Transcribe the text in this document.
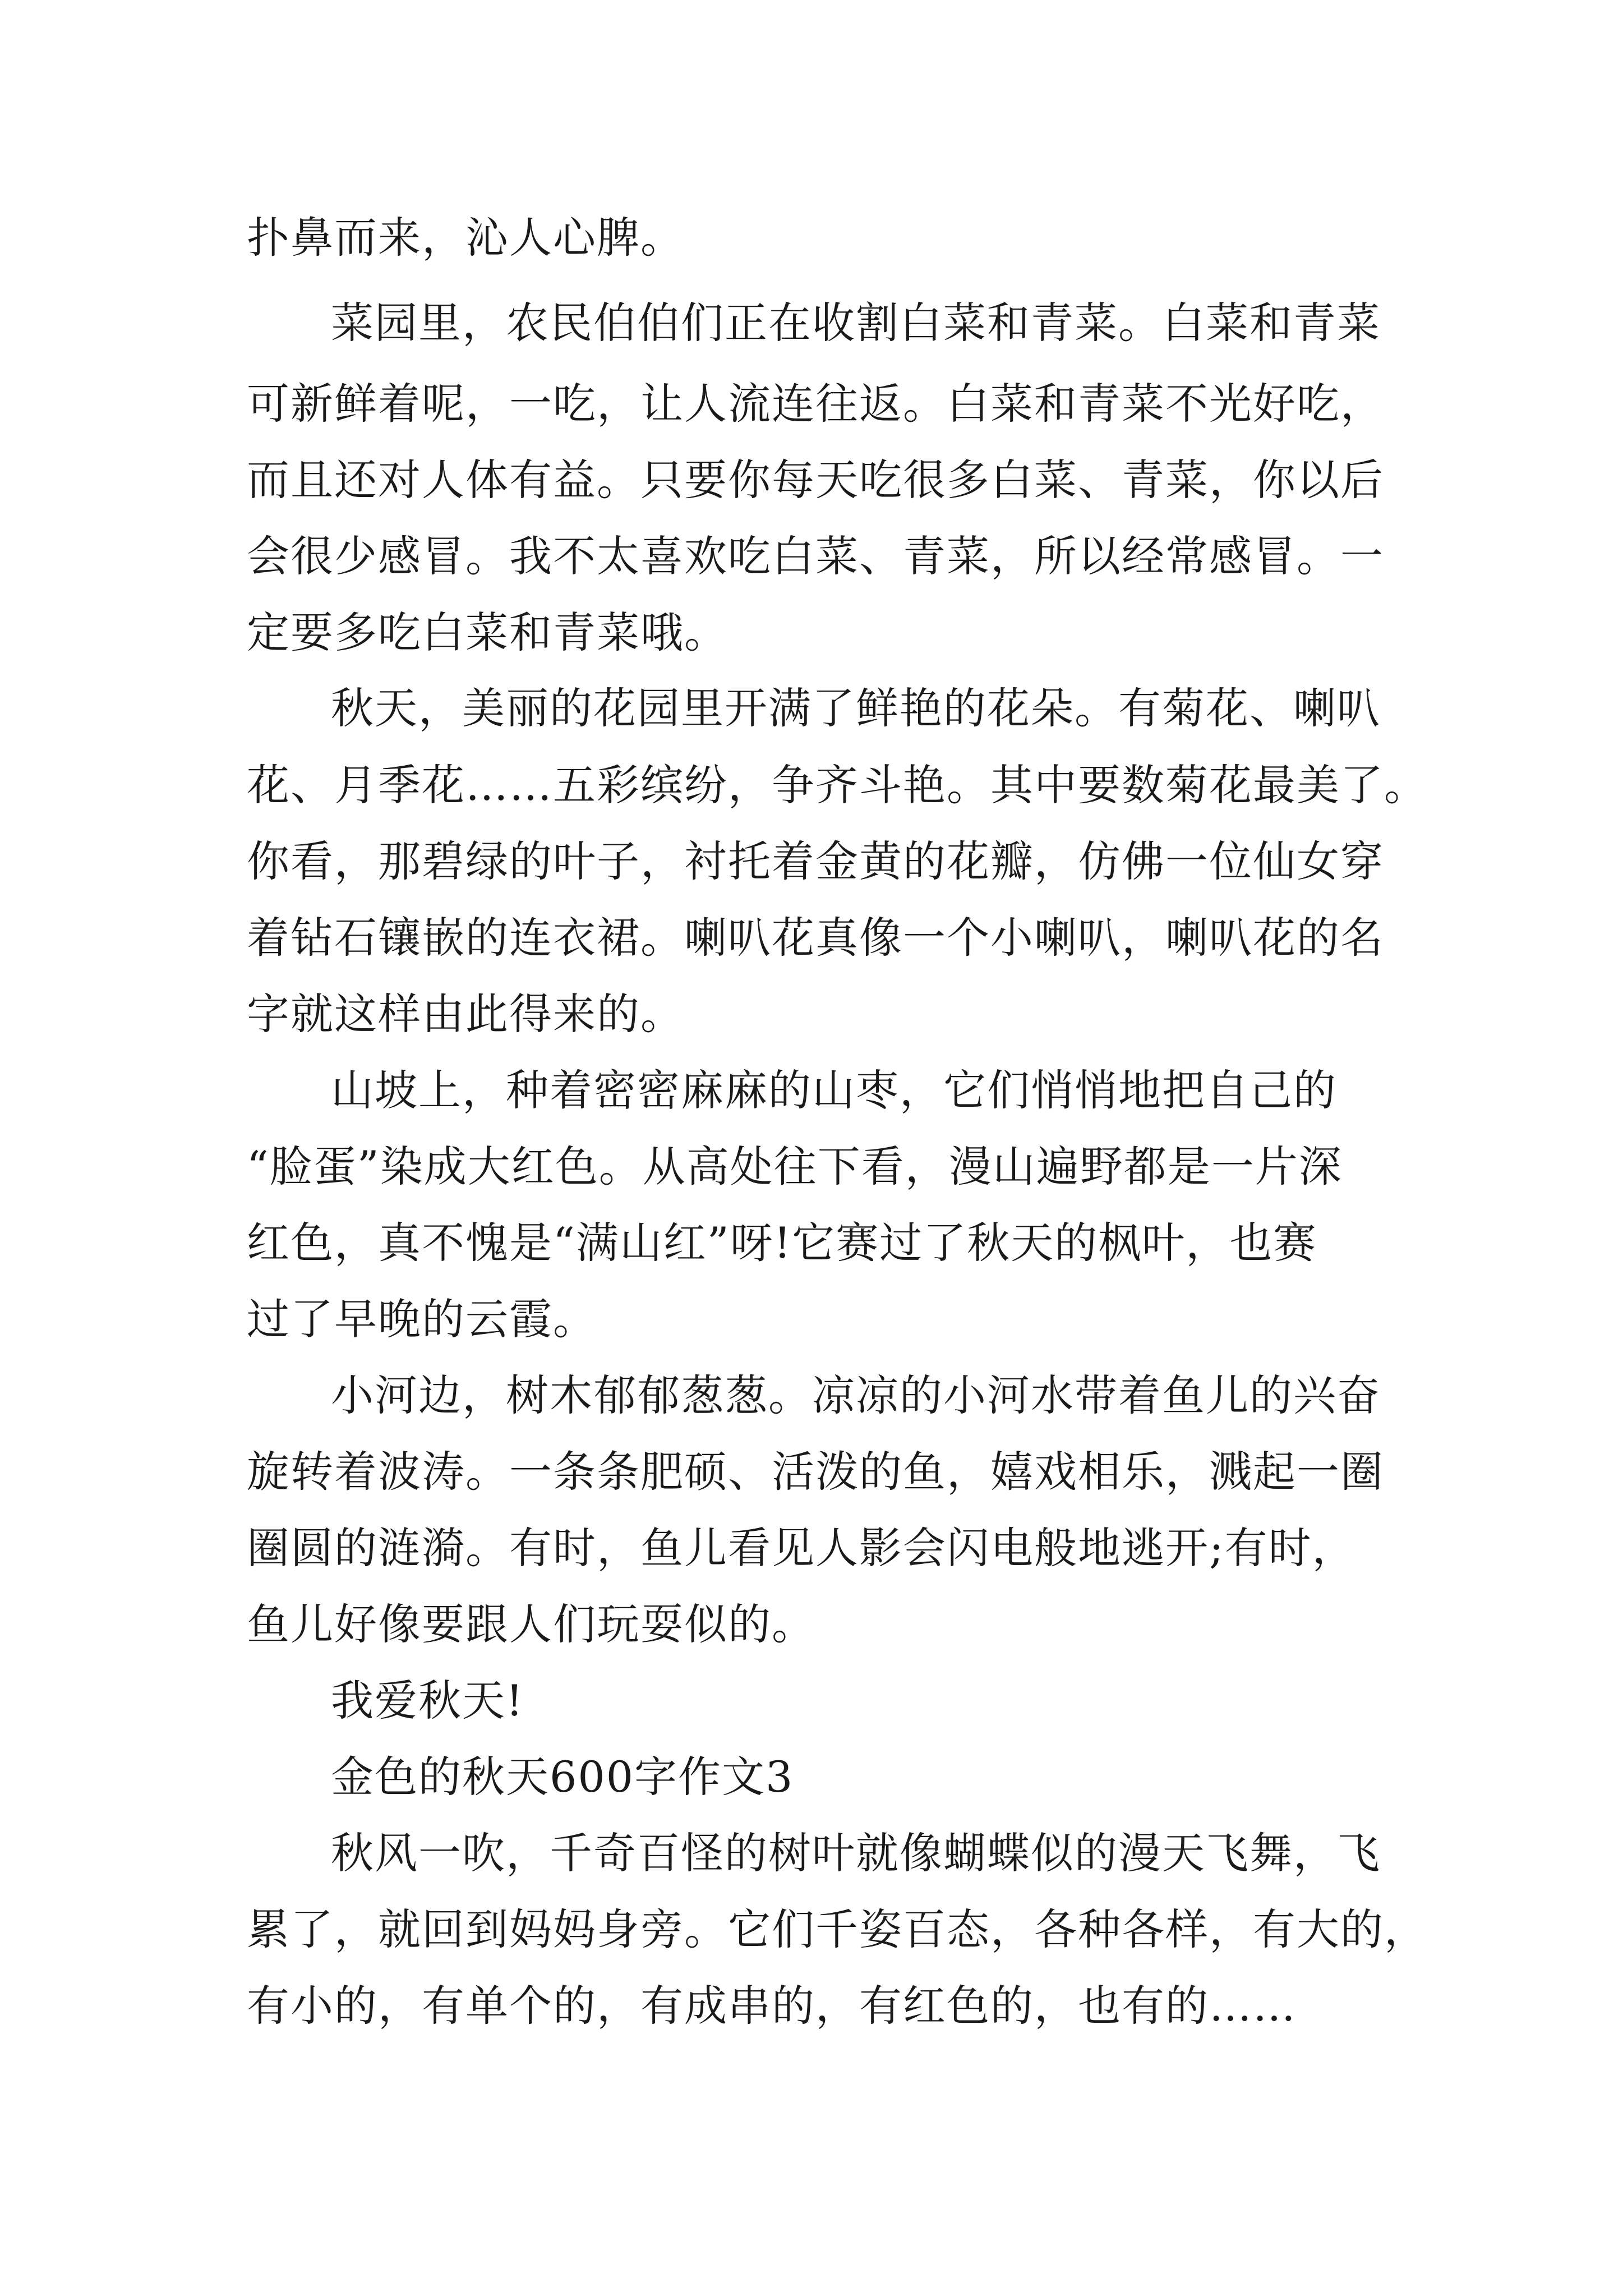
扑鼻而来，沁人心脾。
菜园里，农民伯伯们正在收割白菜和青菜。白菜和青菜
可新鲜着呢，一吃，让人流连往返。白菜和青菜不光好吃，
而且还对人体有益。只要你每天吃很多白菜、青菜，你以后
会很少感冒。我不太喜欢吃白菜、青菜，所以经常感冒。一
定要多吃白菜和青菜哦。
秋天，美丽的花园里开满了鲜艳的花朵。有菊花、喇叭
花、月季花……五彩缤纷，争齐斗艳。其中要数菊花最美了。
你看，那碧绿的叶子，衬托着金黄的花瓣，仿佛一位仙女穿
着钻石镶嵌的连衣裙。喇叭花真像一个小喇叭，喇叭花的名
字就这样由此得来的。
山坡上，种着密密麻麻的山枣，它们悄悄地把自己的
“脸蛋”染成大红色。从高处往下看，漫山遍野都是一片深
红色，真不愧是“满山红”呀!它赛过了秋天的枫叶，也赛
过了早晚的云霞。
小河边，树木郁郁葱葱。凉凉的小河水带着鱼儿的兴奋
旋转着波涛。一条条肥硕、活泼的鱼，嬉戏相乐，溅起一圈
圈圆的涟漪。有时，鱼儿看见人影会闪电般地逃开;有时，
鱼儿好像要跟人们玩耍似的。
我爱秋天!
金色的秋天600字作文3
秋风一吹，千奇百怪的树叶就像蝴蝶似的漫天飞舞，飞
累了，就回到妈妈身旁。它们千姿百态，各种各样，有大的，
有小的，有单个的，有成串的，有红色的，也有的……
